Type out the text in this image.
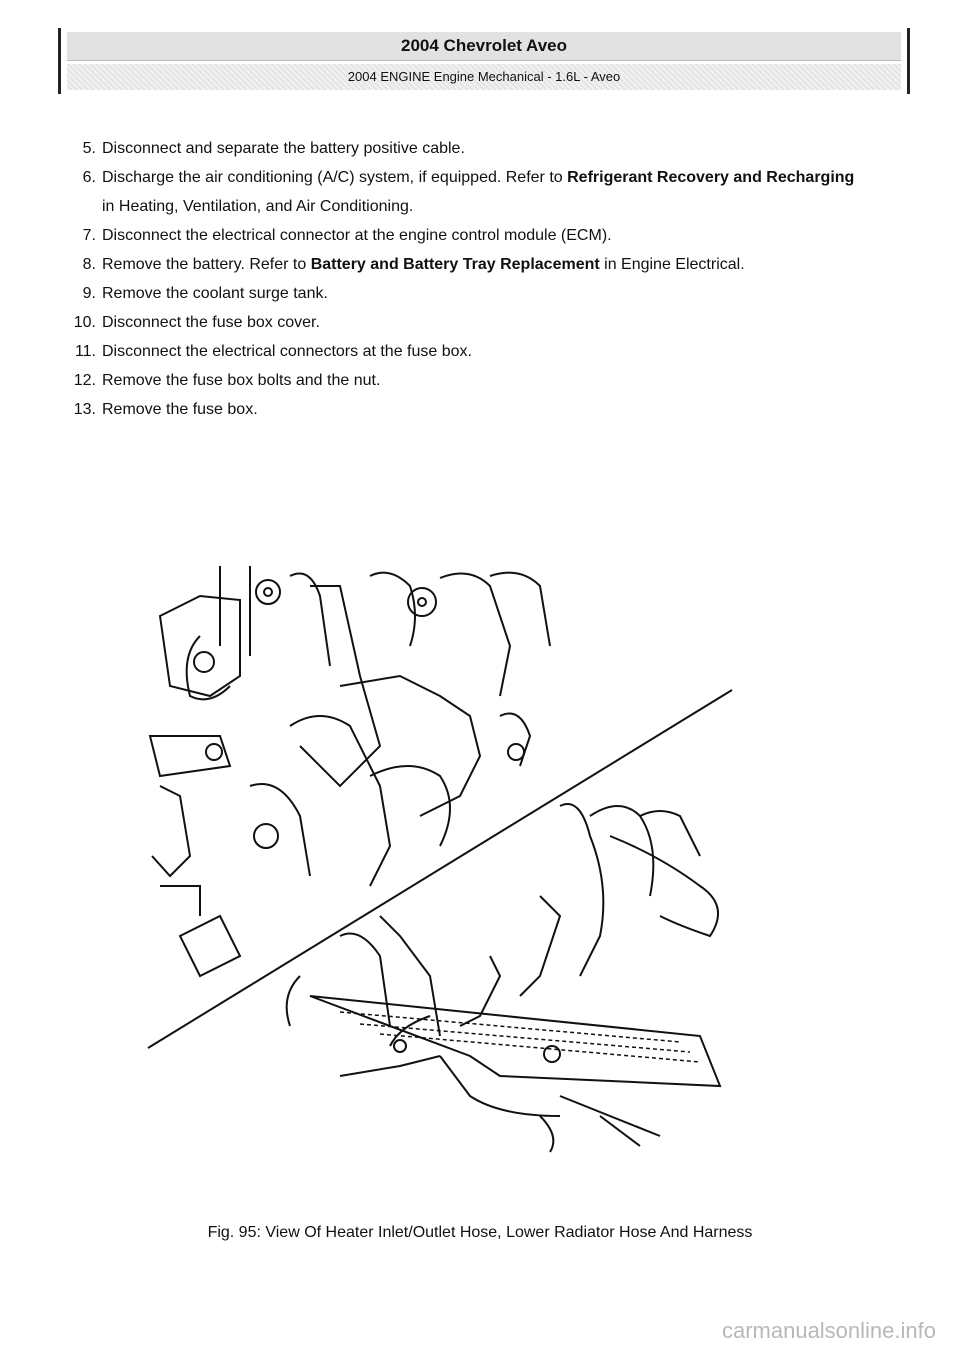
2004 Chevrolet Aveo
2004 ENGINE Engine Mechanical - 1.6L - Aveo
5. Disconnect and separate the battery positive cable.
6. Discharge the air conditioning (A/C) system, if equipped. Refer to Refrigerant Recovery and Recharging in Heating, Ventilation, and Air Conditioning.
7. Disconnect the electrical connector at the engine control module (ECM).
8. Remove the battery. Refer to Battery and Battery Tray Replacement in Engine Electrical.
9. Remove the coolant surge tank.
10. Disconnect the fuse box cover.
11. Disconnect the electrical connectors at the fuse box.
12. Remove the fuse box bolts and the nut.
13. Remove the fuse box.
Fig. 95: View Of Heater Inlet/Outlet Hose, Lower Radiator Hose And Harness
carmanualsonline.info
